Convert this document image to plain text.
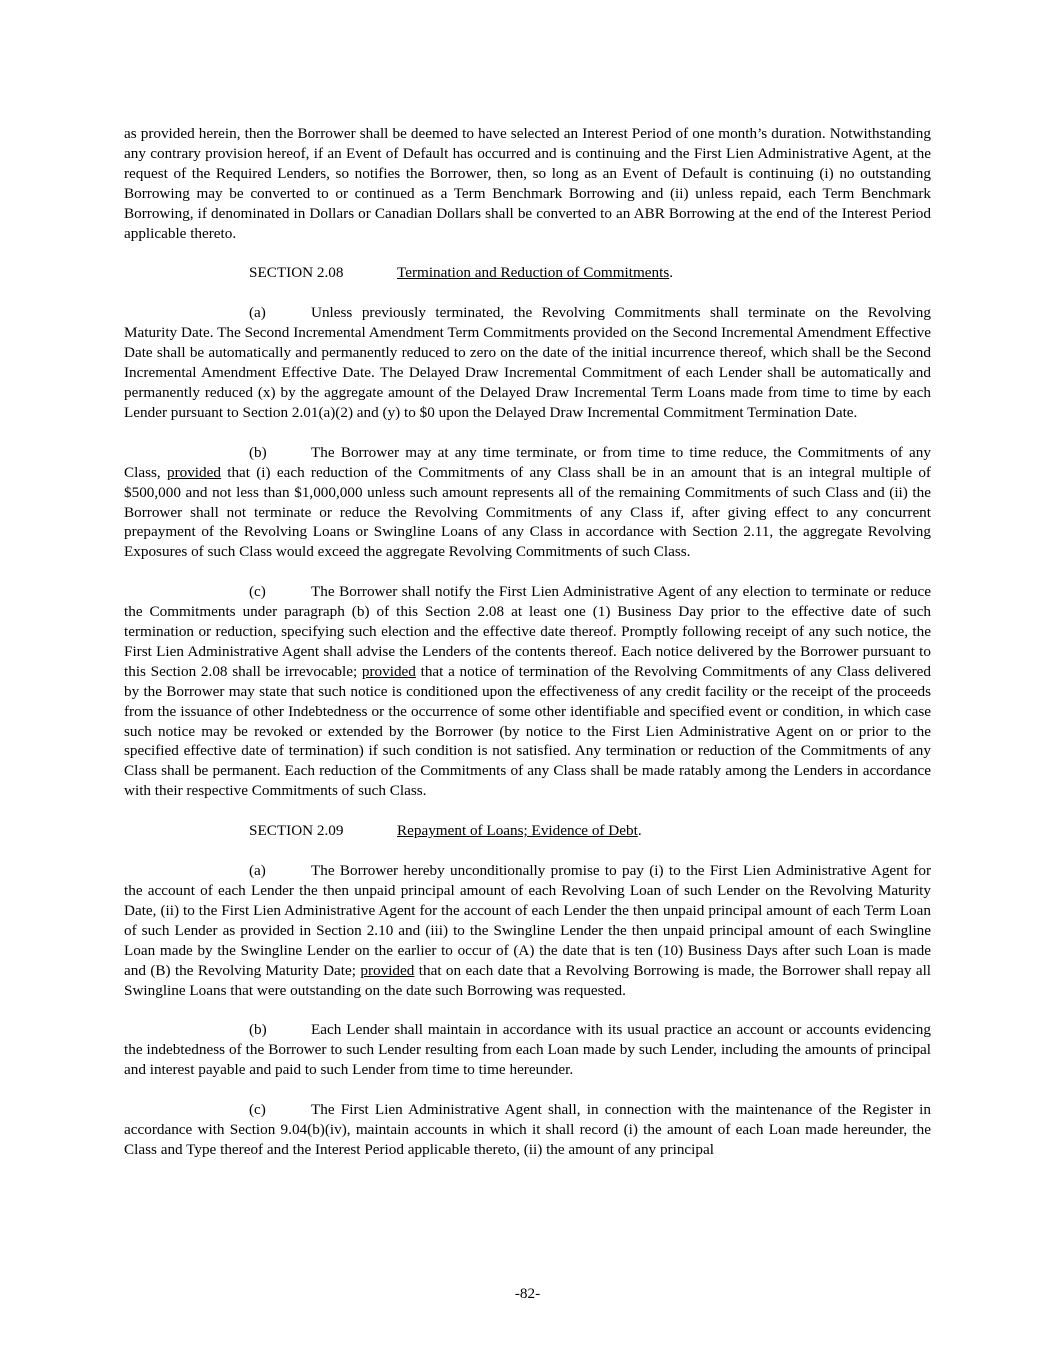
as provided herein, then the Borrower shall be deemed to have selected an Interest Period of one month’s duration. Notwithstanding any contrary provision hereof, if an Event of Default has occurred and is continuing and the First Lien Administrative Agent, at the request of the Required Lenders, so notifies the Borrower, then, so long as an Event of Default is continuing (i) no outstanding Borrowing may be converted to or continued as a Term Benchmark Borrowing and (ii) unless repaid, each Term Benchmark Borrowing, if denominated in Dollars or Canadian Dollars shall be converted to an ABR Borrowing at the end of the Interest Period applicable thereto.

SECTION 2.08	Termination and Reduction of Commitments.

(a)	Unless previously terminated, the Revolving Commitments shall terminate on the Revolving Maturity Date. The Second Incremental Amendment Term Commitments provided on the Second Incremental Amendment Effective Date shall be automatically and permanently reduced to zero on the date of the initial incurrence thereof, which shall be the Second Incremental Amendment Effective Date. The Delayed Draw Incremental Commitment of each Lender shall be automatically and permanently reduced (x) by the aggregate amount of the Delayed Draw Incremental Term Loans made from time to time by each Lender pursuant to Section 2.01(a)(2) and (y) to $0 upon the Delayed Draw Incremental Commitment Termination Date.

(b)	The Borrower may at any time terminate, or from time to time reduce, the Commitments of any Class, provided that (i) each reduction of the Commitments of any Class shall be in an amount that is an integral multiple of $500,000 and not less than $1,000,000 unless such amount represents all of the remaining Commitments of such Class and (ii) the Borrower shall not terminate or reduce the Revolving Commitments of any Class if, after giving effect to any concurrent prepayment of the Revolving Loans or Swingline Loans of any Class in accordance with Section 2.11, the aggregate Revolving Exposures of such Class would exceed the aggregate Revolving Commitments of such Class.

(c)	The Borrower shall notify the First Lien Administrative Agent of any election to terminate or reduce the Commitments under paragraph (b) of this Section 2.08 at least one (1) Business Day prior to the effective date of such termination or reduction, specifying such election and the effective date thereof. Promptly following receipt of any such notice, the First Lien Administrative Agent shall advise the Lenders of the contents thereof. Each notice delivered by the Borrower pursuant to this Section 2.08 shall be irrevocable; provided that a notice of termination of the Revolving Commitments of any Class delivered by the Borrower may state that such notice is conditioned upon the effectiveness of any credit facility or the receipt of the proceeds from the issuance of other Indebtedness or the occurrence of some other identifiable and specified event or condition, in which case such notice may be revoked or extended by the Borrower (by notice to the First Lien Administrative Agent on or prior to the specified effective date of termination) if such condition is not satisfied. Any termination or reduction of the Commitments of any Class shall be permanent. Each reduction of the Commitments of any Class shall be made ratably among the Lenders in accordance with their respective Commitments of such Class.

SECTION 2.09	Repayment of Loans; Evidence of Debt.

(a)	The Borrower hereby unconditionally promise to pay (i) to the First Lien Administrative Agent for the account of each Lender the then unpaid principal amount of each Revolving Loan of such Lender on the Revolving Maturity Date, (ii) to the First Lien Administrative Agent for the account of each Lender the then unpaid principal amount of each Term Loan of such Lender as provided in Section 2.10 and (iii) to the Swingline Lender the then unpaid principal amount of each Swingline Loan made by the Swingline Lender on the earlier to occur of (A) the date that is ten (10) Business Days after such Loan is made and (B) the Revolving Maturity Date; provided that on each date that a Revolving Borrowing is made, the Borrower shall repay all Swingline Loans that were outstanding on the date such Borrowing was requested.

(b)	Each Lender shall maintain in accordance with its usual practice an account or accounts evidencing the indebtedness of the Borrower to such Lender resulting from each Loan made by such Lender, including the amounts of principal and interest payable and paid to such Lender from time to time hereunder.

(c)	The First Lien Administrative Agent shall, in connection with the maintenance of the Register in accordance with Section 9.04(b)(iv), maintain accounts in which it shall record (i) the amount of each Loan made hereunder, the Class and Type thereof and the Interest Period applicable thereto, (ii) the amount of any principal

-82-
